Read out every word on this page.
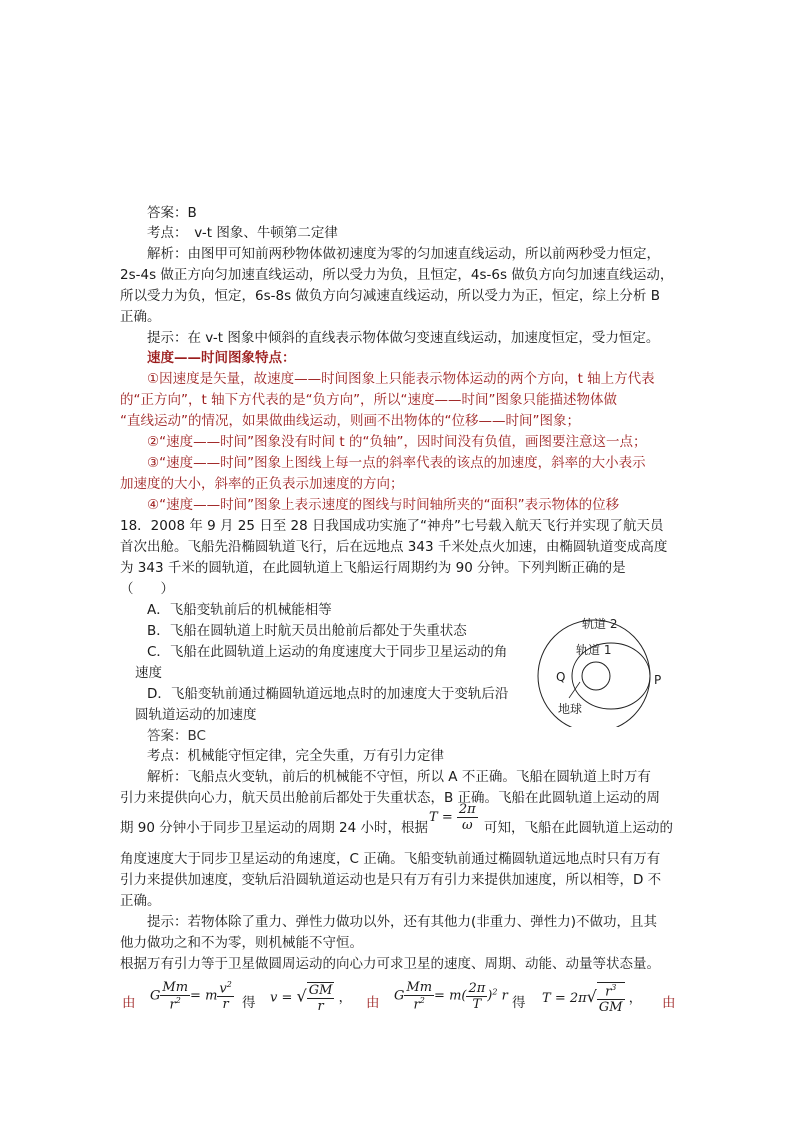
答案：B
考点：　v-t 图象、牛顿第二定律
解析：由图甲可知前两秒物体做初速度为零的匀加速直线运动，所以前两秒受力恒定，
2s-4s 做正方向匀加速直线运动，所以受力为负，且恒定，4s-6s 做负方向匀加速直线运动，
所以受力为负，恒定，6s-8s 做负方向匀减速直线运动，所以受力为正，恒定，综上分析 B
正确。
提示：在 v-t 图象中倾斜的直线表示物体做匀变速直线运动，加速度恒定，受力恒定。
速度——时间图象特点：
①因速度是矢量，故速度——时间图象上只能表示物体运动的两个方向，t 轴上方代表
的“正方向”，t 轴下方代表的是“负方向”，所以“速度——时间”图象只能描述物体做
“直线运动”的情况，如果做曲线运动，则画不出物体的“位移——时间”图象；
②“速度——时间”图象没有时间 t 的“负轴”，因时间没有负值，画图要注意这一点；
③“速度——时间”图象上图线上每一点的斜率代表的该点的加速度，斜率的大小表示
加速度的大小，斜率的正负表示加速度的方向；
④“速度——时间”图象上表示速度的图线与时间轴所夹的“面积”表示物体的位移
18．2008 年 9 月 25 日至 28 日我国成功实施了“神舟”七号载入航天飞行并实现了航天员
首次出舱。飞船先沿椭圆轨道飞行，后在远地点 343 千米处点火加速，由椭圆轨道变成高度
为 343 千米的圆轨道，在此圆轨道上飞船运行周期约为 90 分钟。下列判断正确的是
（　　）
A．飞船变轨前后的机械能相等
B．飞船在圆轨道上时航天员出舱前后都处于失重状态
C．飞船在此圆轨道上运动的角度速度大于同步卫星运动的角
速度
D．飞船变轨前通过椭圆轨道远地点时的加速度大于变轨后沿
圆轨道运动的加速度
轨道 2
轨道 1
Q	P
地球
答案：BC
考点：机械能守恒定律，完全失重，万有引力定律
解析：飞船点火变轨，前后的机械能不守恒，所以 A 不正确。飞船在圆轨道上时万有
引力来提供向心力，航天员出舱前后都处于失重状态，B 正确。飞船在此圆轨道上运动的周
期 90 分钟小于同步卫星运动的周期 24 小时，根据
$T = \frac{2\pi}{\omega}$ 可知，飞船在此圆轨道上运动的
角度速度大于同步卫星运动的角速度，C 正确。飞船变轨前通过椭圆轨道远地点时只有万有
引力来提供加速度，变轨后沿圆轨道运动也是只有万有引力来提供加速度，所以相等，D 不
正确。
提示：若物体除了重力、弹性力做功以外，还有其他力(非重力、弹性力)不做功，且其
他力做功之和不为零，则机械能不守恒。
根据万有引力等于卫星做圆周运动的向心力可求卫星的速度、周期、动能、动量等状态量。
由 G $\frac{Mm}{r^2} = m \frac{v^2}{r}$ 得 v = √ $\frac{GM}{r}$ ， 由 G $\frac{Mm}{r^2} = m( \frac{2\pi}{T} )^2$ r 得 $T = 2\pi√ \frac{r^3}{GM}$ ， 由
